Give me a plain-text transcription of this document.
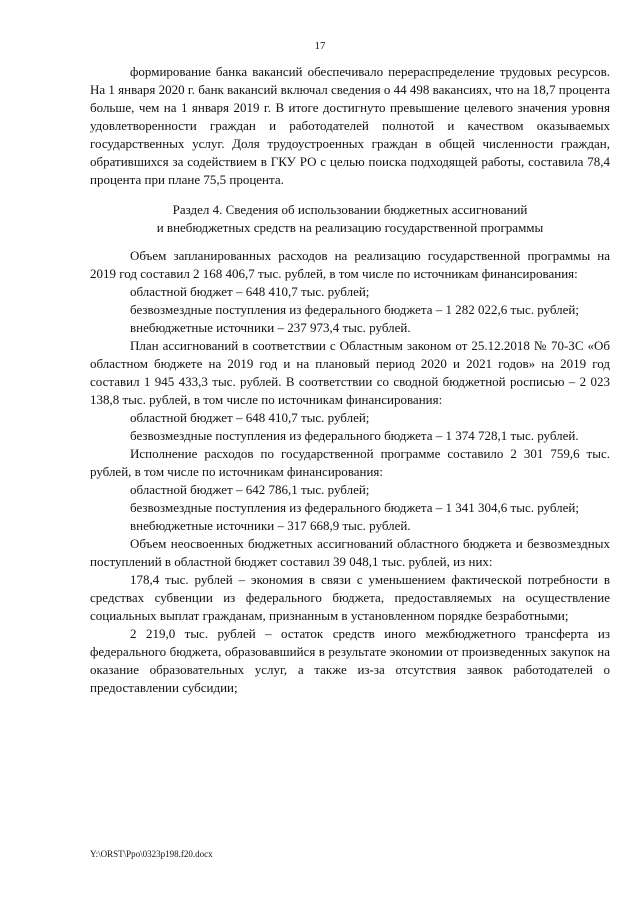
17

формирование банка вакансий обеспечивало перераспределение трудовых ресурсов. На 1 января 2020 г. банк вакансий включал сведения о 44 498 вакансиях, что на 18,7 процента больше, чем на 1 января 2019 г. В итоге достигнуто превышение целевого значения уровня удовлетворенности граждан и работодателей полнотой и качеством оказываемых государственных услуг. Доля трудоустроенных граждан в общей численности граждан, обратившихся за содействием в ГКУ РО с целью поиска подходящей работы, составила 78,4 процента при плане 75,5 процента.

Раздел 4. Сведения об использовании бюджетных ассигнований
и внебюджетных средств на реализацию государственной программы

Объем запланированных расходов на реализацию государственной программы на 2019 год составил 2 168 406,7 тыс. рублей, в том числе по источникам финансирования:

областной бюджет – 648 410,7 тыс. рублей;

безвозмездные поступления из федерального бюджета – 1 282 022,6 тыс. рублей;

внебюджетные источники – 237 973,4 тыс. рублей.

План ассигнований в соответствии с Областным законом от 25.12.2018 № 70-ЗС «Об областном бюджете на 2019 год и на плановый период 2020 и 2021 годов» на 2019 год составил 1 945 433,3 тыс. рублей. В соответствии со сводной бюджетной росписью – 2 023 138,8 тыс. рублей, в том числе по источникам финансирования:

областной бюджет – 648 410,7 тыс. рублей;

безвозмездные поступления из федерального бюджета – 1 374 728,1 тыс. рублей.

Исполнение расходов по государственной программе составило 2 301 759,6 тыс. рублей, в том числе по источникам финансирования:

областной бюджет – 642 786,1 тыс. рублей;

безвозмездные поступления из федерального бюджета – 1 341 304,6 тыс. рублей;

внебюджетные источники – 317 668,9 тыс. рублей.

Объем неосвоенных бюджетных ассигнований областного бюджета и безвозмездных поступлений в областной бюджет составил 39 048,1 тыс. рублей, из них:

178,4 тыс. рублей – экономия в связи с уменьшением фактической потребности в средствах субвенции из федерального бюджета, предоставляемых на осуществление социальных выплат гражданам, признанным в установленном порядке безработными;

2 219,0 тыс. рублей – остаток средств иного межбюджетного трансферта из федерального бюджета, образовавшийся в результате экономии от произведенных закупок на оказание образовательных услуг, а также из-за отсутствия заявок работодателей о предоставлении субсидии;

Y:\ORST\Ppo\0323p198.f20.docx
